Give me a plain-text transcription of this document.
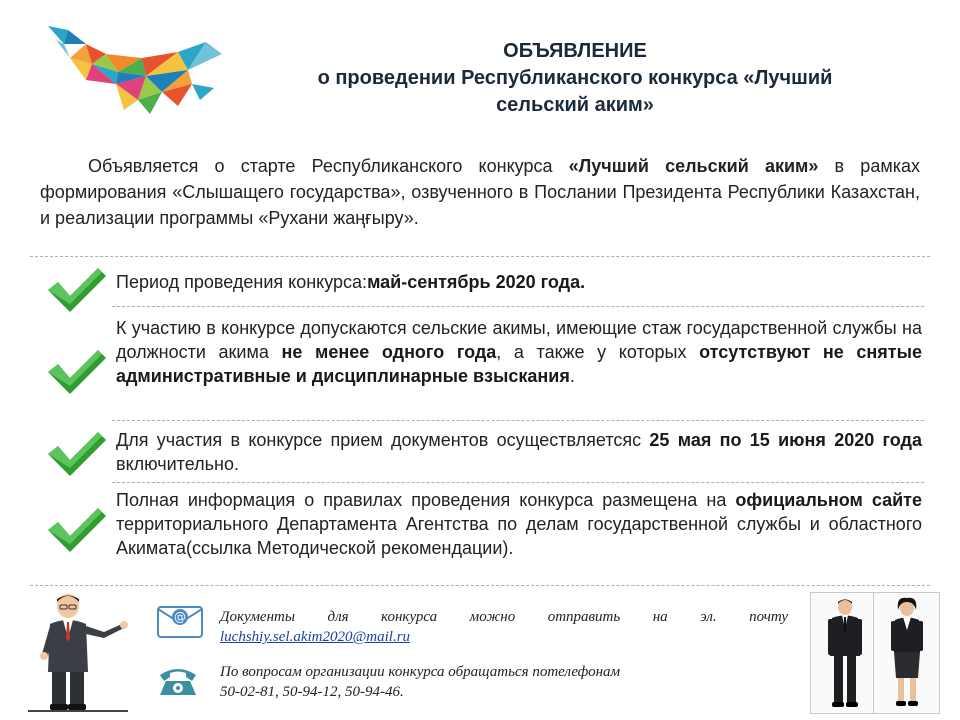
ОБЪЯВЛЕНИЕ
о проведении Республиканского конкурса «Лучший
сельский аким»

Объявляется о старте Республиканского конкурса «Лучший сельский аким» в рамках формирования «Слышащего государства», озвученного в Послании Президента Республики Казахстан, и реализации программы «Рухани жаңғыру».

Период проведения конкурса:май-сентябрь 2020 года.
К участию в конкурсе допускаются сельские акимы, имеющие стаж государственной службы на должности акима не менее одного года, а также у которых отсутствуют не снятые административные и дисциплинарные взыскания.
Для участия в конкурсе прием документов осуществляетсяс 25 мая по 15 июня 2020 года включительно.
Полная информация о правилах проведения конкурса размещена на официальном сайте территориального Департамента Агентства по делам государственной службы и областного Акимата(ссылка Методической рекомендации).
@ Документы для конкурса можно отправить на эл. почту
luchshiy.sel.akim2020@mail.ru
По вопросам организации конкурса обращаться потелефонам
50-02-81, 50-94-12, 50-94-46.
